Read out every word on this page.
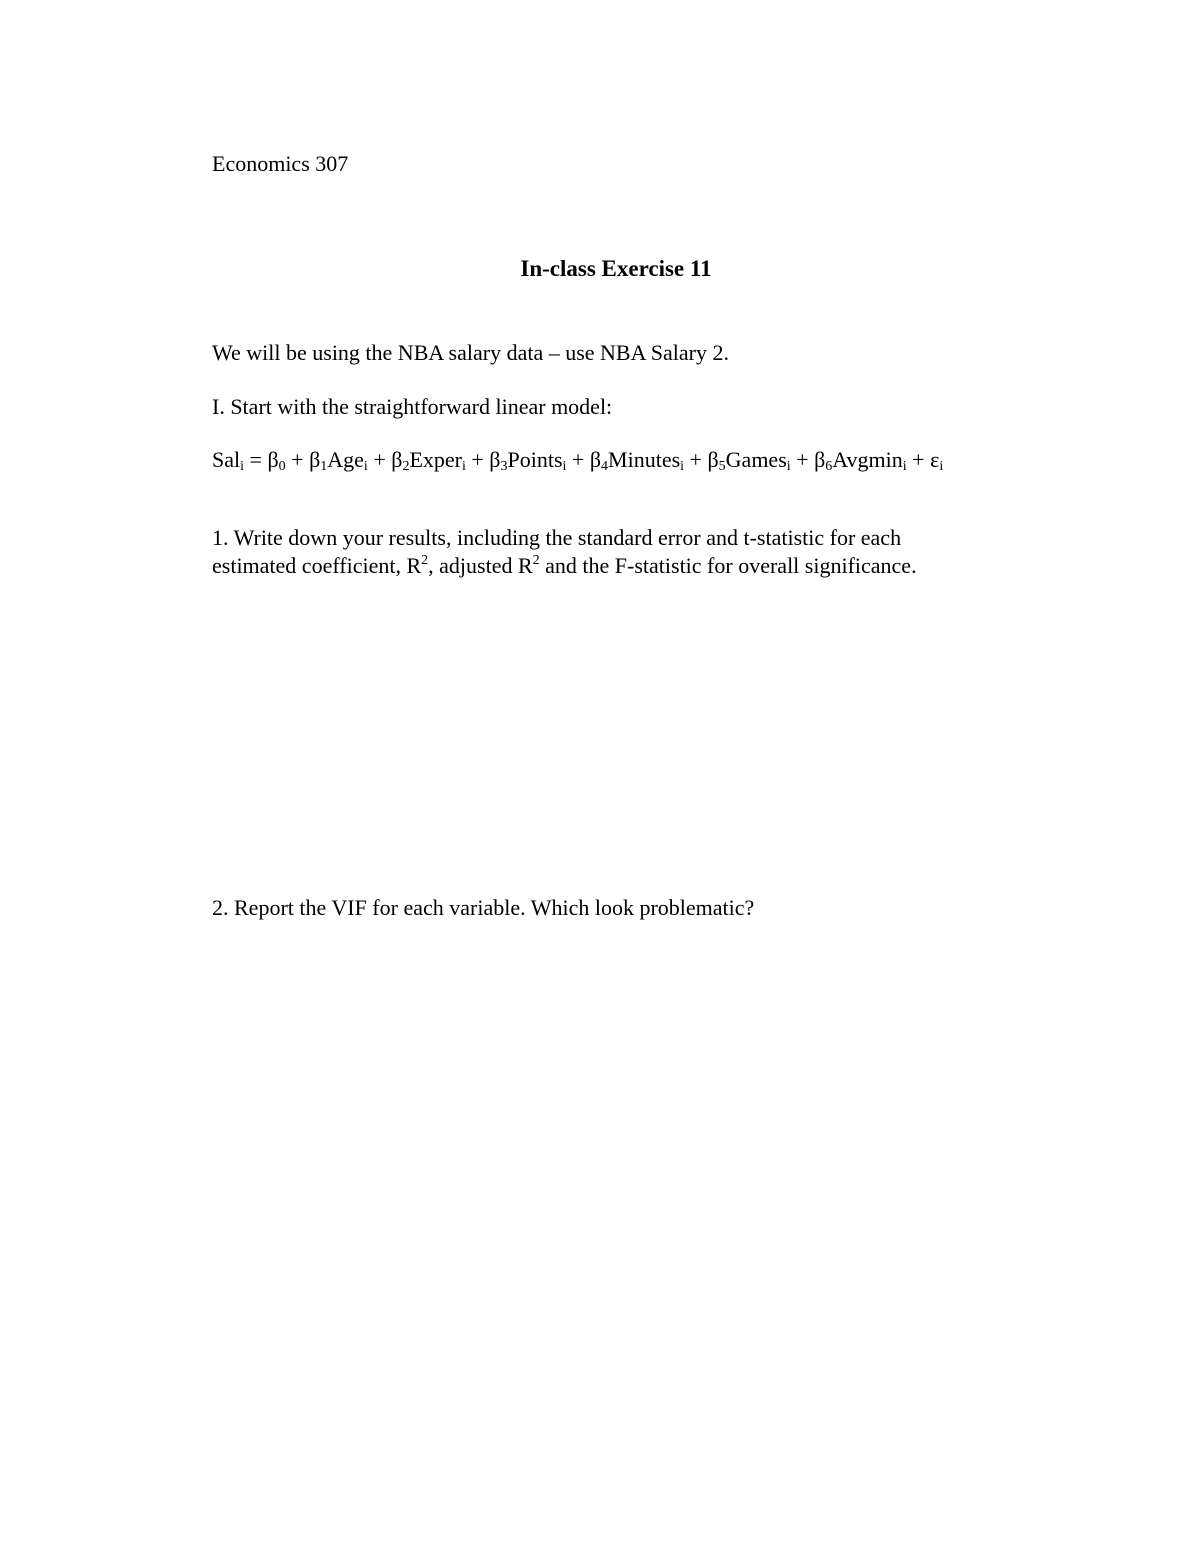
Economics 307
In-class Exercise 11
We will be using the NBA salary data – use NBA Salary 2.
I. Start with the straightforward linear model:
$Sal_i = \beta_0 + \beta_1Age_i$ + $\beta_2Exper_i$ + $\beta_3Points_i$ + $\beta_4Minutes_i$ + $\beta_5Games_i + \beta_6Avgmin_i + \varepsilon_i$
1. Write down your results, including the standard error and t-statistic for each
estimated coefficient, $R^2$, adjusted $R^2$ and the F-statistic for overall significance.
2. Report the VIF for each variable. Which look problematic?
